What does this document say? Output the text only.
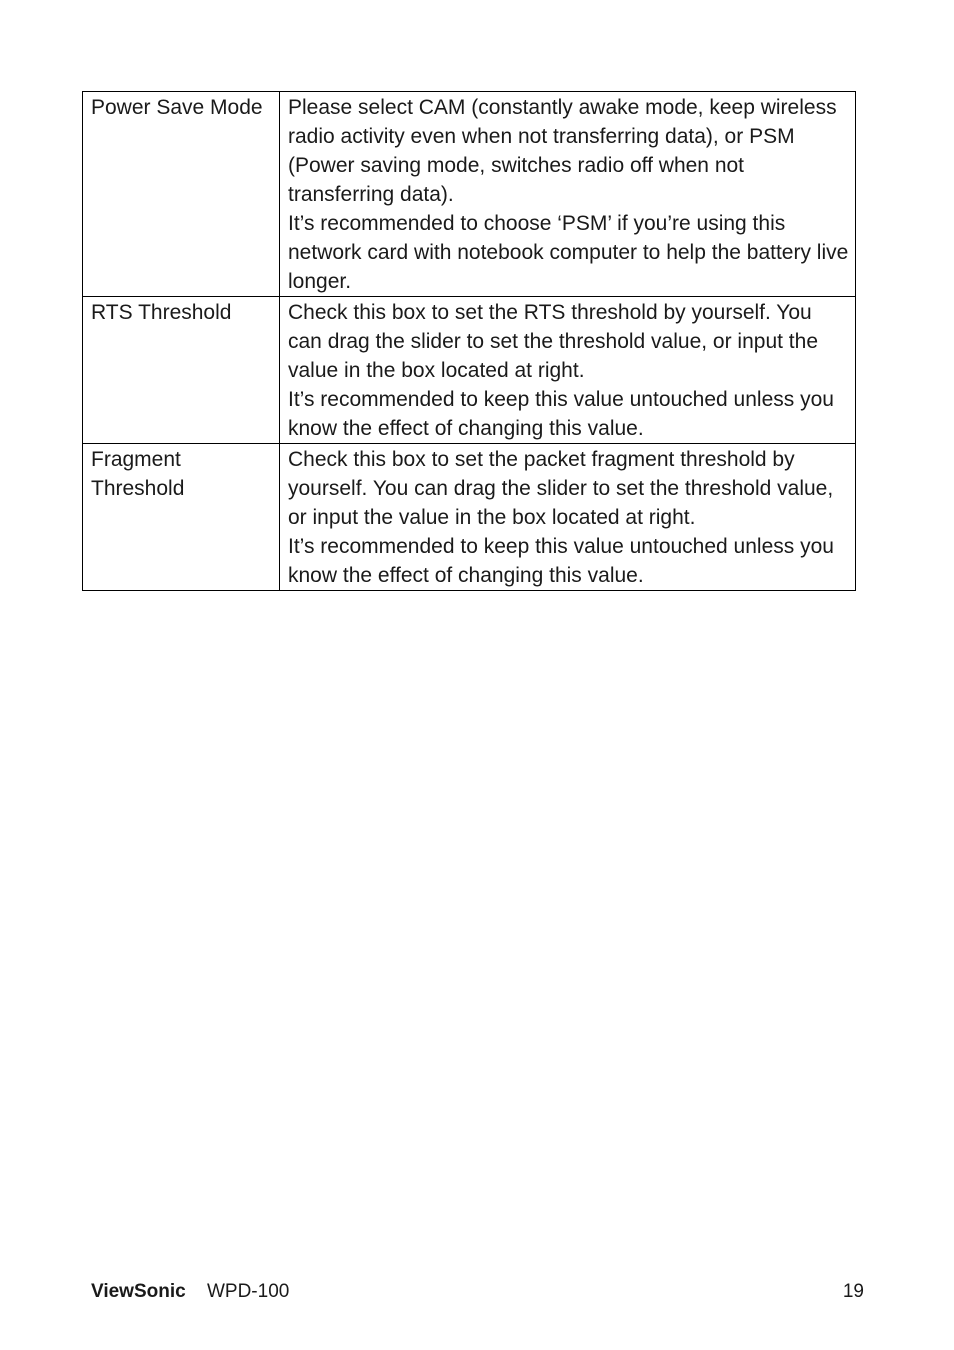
Power Save Mode	Please select CAM (constantly awake mode, keep wireless radio activity even when not transferring data), or PSM (Power saving mode, switches radio off when not transferring data).
It’s recommended to choose ‘PSM’ if you’re using this network card with notebook computer to help the battery live longer.

RTS Threshold	Check this box to set the RTS threshold by yourself. You can drag the slider to set the threshold value, or input the value in the box located at right.
It’s recommended to keep this value untouched unless you know the effect of changing this value.

Fragment Threshold	Check this box to set the packet fragment threshold by yourself. You can drag the slider to set the threshold value, or input the value in the box located at right.
It’s recommended to keep this value untouched unless you know the effect of changing this value.
ViewSonic WPD-100	19
